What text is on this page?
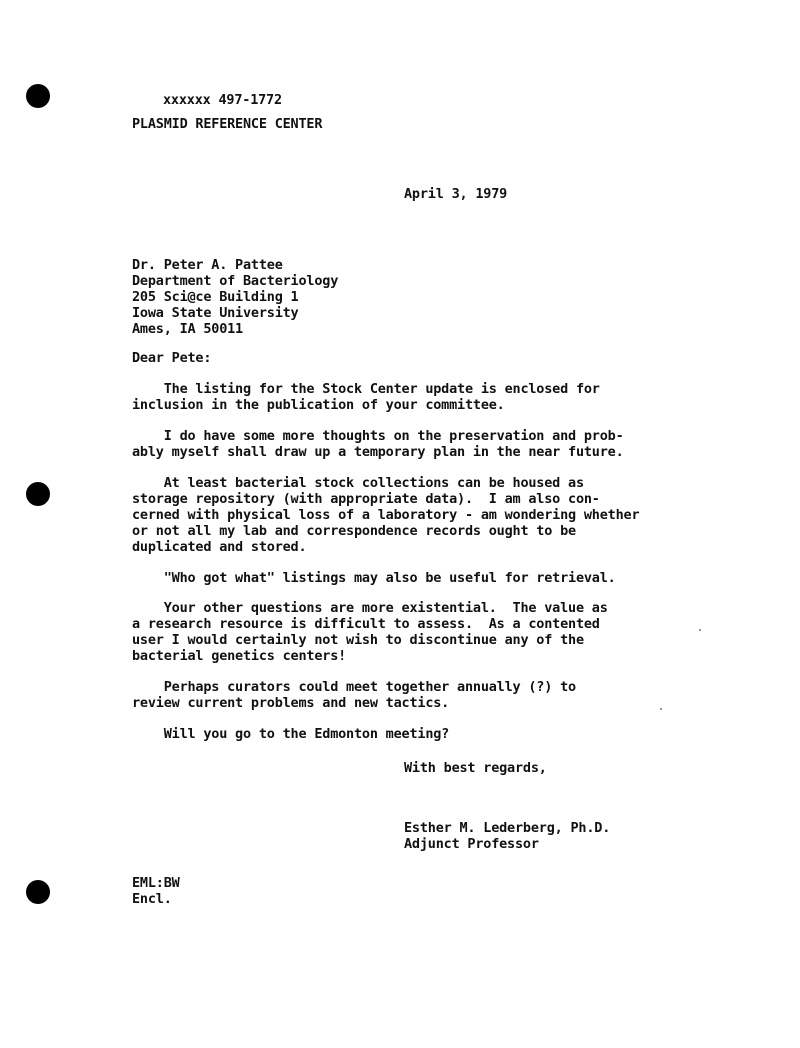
xxxxxx 497-1772
PLASMID REFERENCE CENTER
April 3, 1979
Dr. Peter A. Pattee
Department of Bacteriology
205 Sci@ce Building 1
Iowa State University
Ames, IA 50011
Dear Pete:
The listing for the Stock Center update is enclosed for
inclusion in the publication of your committee.
I do have some more thoughts on the preservation and prob-
ably myself shall draw up a temporary plan in the near future.
At least bacterial stock collections can be housed as
storage repository (with appropriate data).  I am also con-
cerned with physical loss of a laboratory - am wondering whether
or not all my lab and correspondence records ought to be
duplicated and stored.
"Who got what" listings may also be useful for retrieval.
Your other questions are more existential.  The value as
a research resource is difficult to assess.  As a contented
user I would certainly not wish to discontinue any of the
bacterial genetics centers!
Perhaps curators could meet together annually (?) to
review current problems and new tactics.
Will you go to the Edmonton meeting?
With best regards,
Esther M. Lederberg, Ph.D.
Adjunct Professor
EML:BW
Encl.
